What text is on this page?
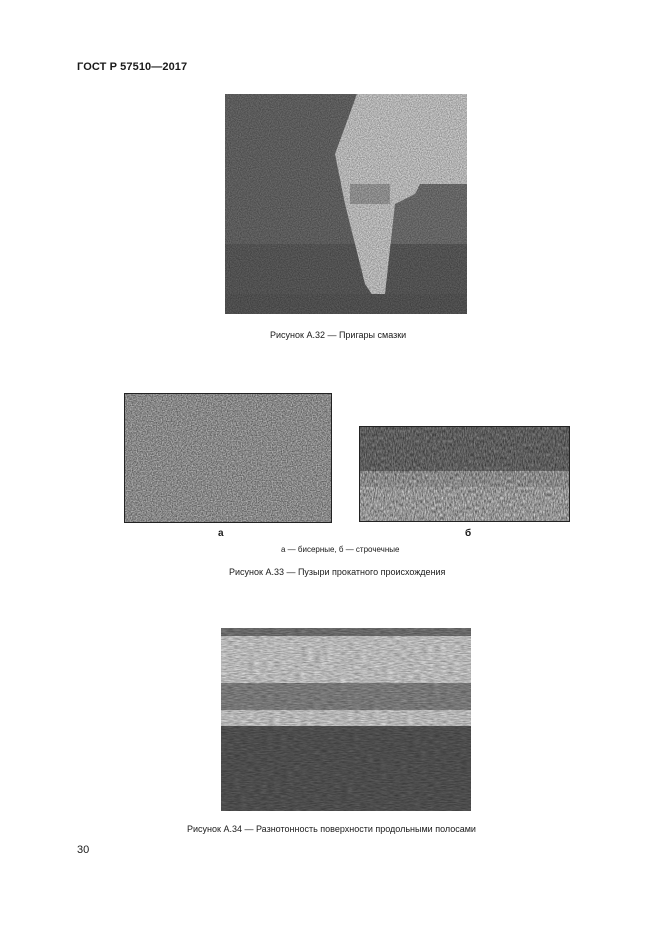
ГОСТ Р 57510—2017
Рисунок А.32 — Пригары смазки
а	б
а — бисерные, б — строчечные
Рисунок А.33 — Пузыри прокатного происхождения
Рисунок А.34 — Разнотонность поверхности продольными полосами
30
